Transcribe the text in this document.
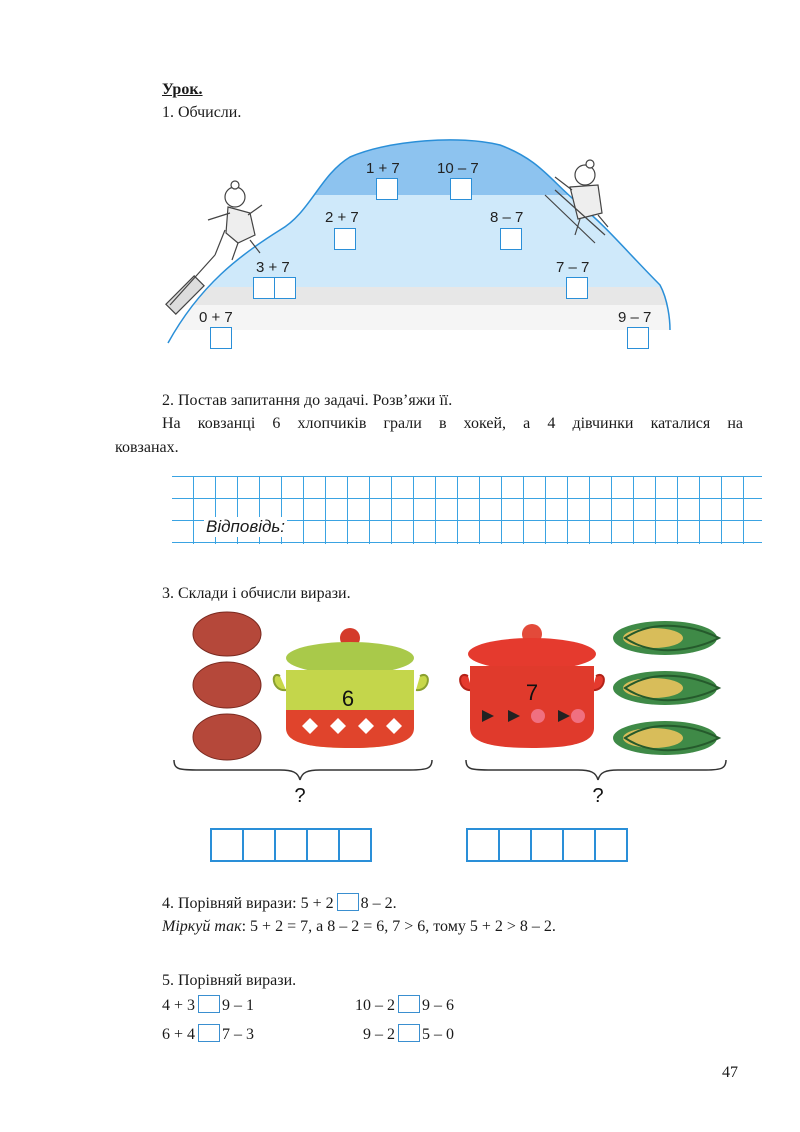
Урок.
1. Обчисли.
1 + 7 10 – 7
2 + 7	8 – 7
3 + 7	7 – 7
0 + 7	9 – 7
2. Постав запитання до задачі. Розв’яжи її.
На ковзанці 6 хлопчиків грали в хокей, а 4 дівчинки каталися на
ковзанах.
Відповідь:
3. Склади і обчисли вирази.
6	7
?	?
4. Порівняй вирази: 5 + 2 8 – 2.
Міркуй так: 5 + 2 = 7, а 8 – 2 = 6, 7 > 6, тому 5 + 2 > 8 – 2.
5. Порівняй вирази.
4 + 3 9 – 1	10 – 2 9 – 6
6 + 4 7 – 3	9 – 2 5 – 0
47
